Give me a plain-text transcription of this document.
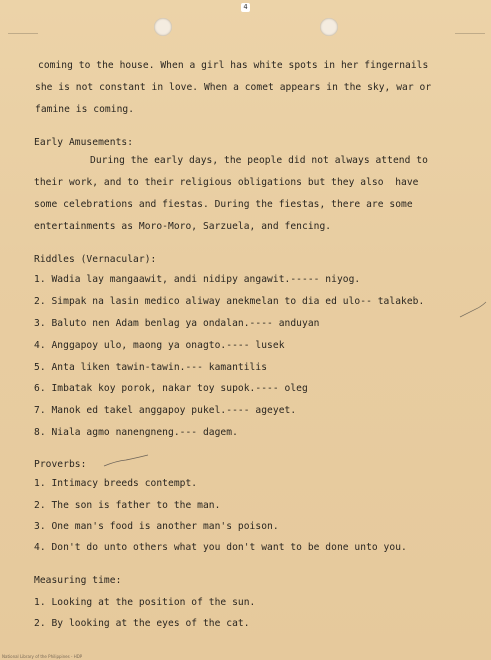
4
coming to the house. When a girl has white spots in her fingernails
she is not constant in love. When a comet appears in the sky, war or
famine is coming.
Early Amusements:
During the early days, the people did not always attend to
their work, and to their religious obligations but they also  have
some celebrations and fiestas. During the fiestas, there are some
entertainments as Moro-Moro, Sarzuela, and fencing.
Riddles (Vernacular):
1. Wadia lay mangaawit, andi nidipy angawit.----- niyog.
2. Simpak na lasin medico aliway anekmelan to dia ed ulo-- talakeb.
3. Baluto nen Adam benlag ya ondalan.---- anduyan
4. Anggapoy ulo, maong ya onagto.---- lusek
5. Anta liken tawin-tawin.--- kamantilis
6. Imbatak koy porok, nakar toy supok.---- oleg
7. Manok ed takel anggapoy pukel.---- ageyet.
8. Niala agmo nanengneng.--- dagem.
Proverbs:
1. Intimacy breeds contempt.
2. The son is father to the man.
3. One man's food is another man's poison.
4. Don't do unto others what you don't want to be done unto you.
Measuring time:
1. Looking at the position of the sun.
2. By looking at the eyes of the cat.
National Library of the Philippines - HDP
